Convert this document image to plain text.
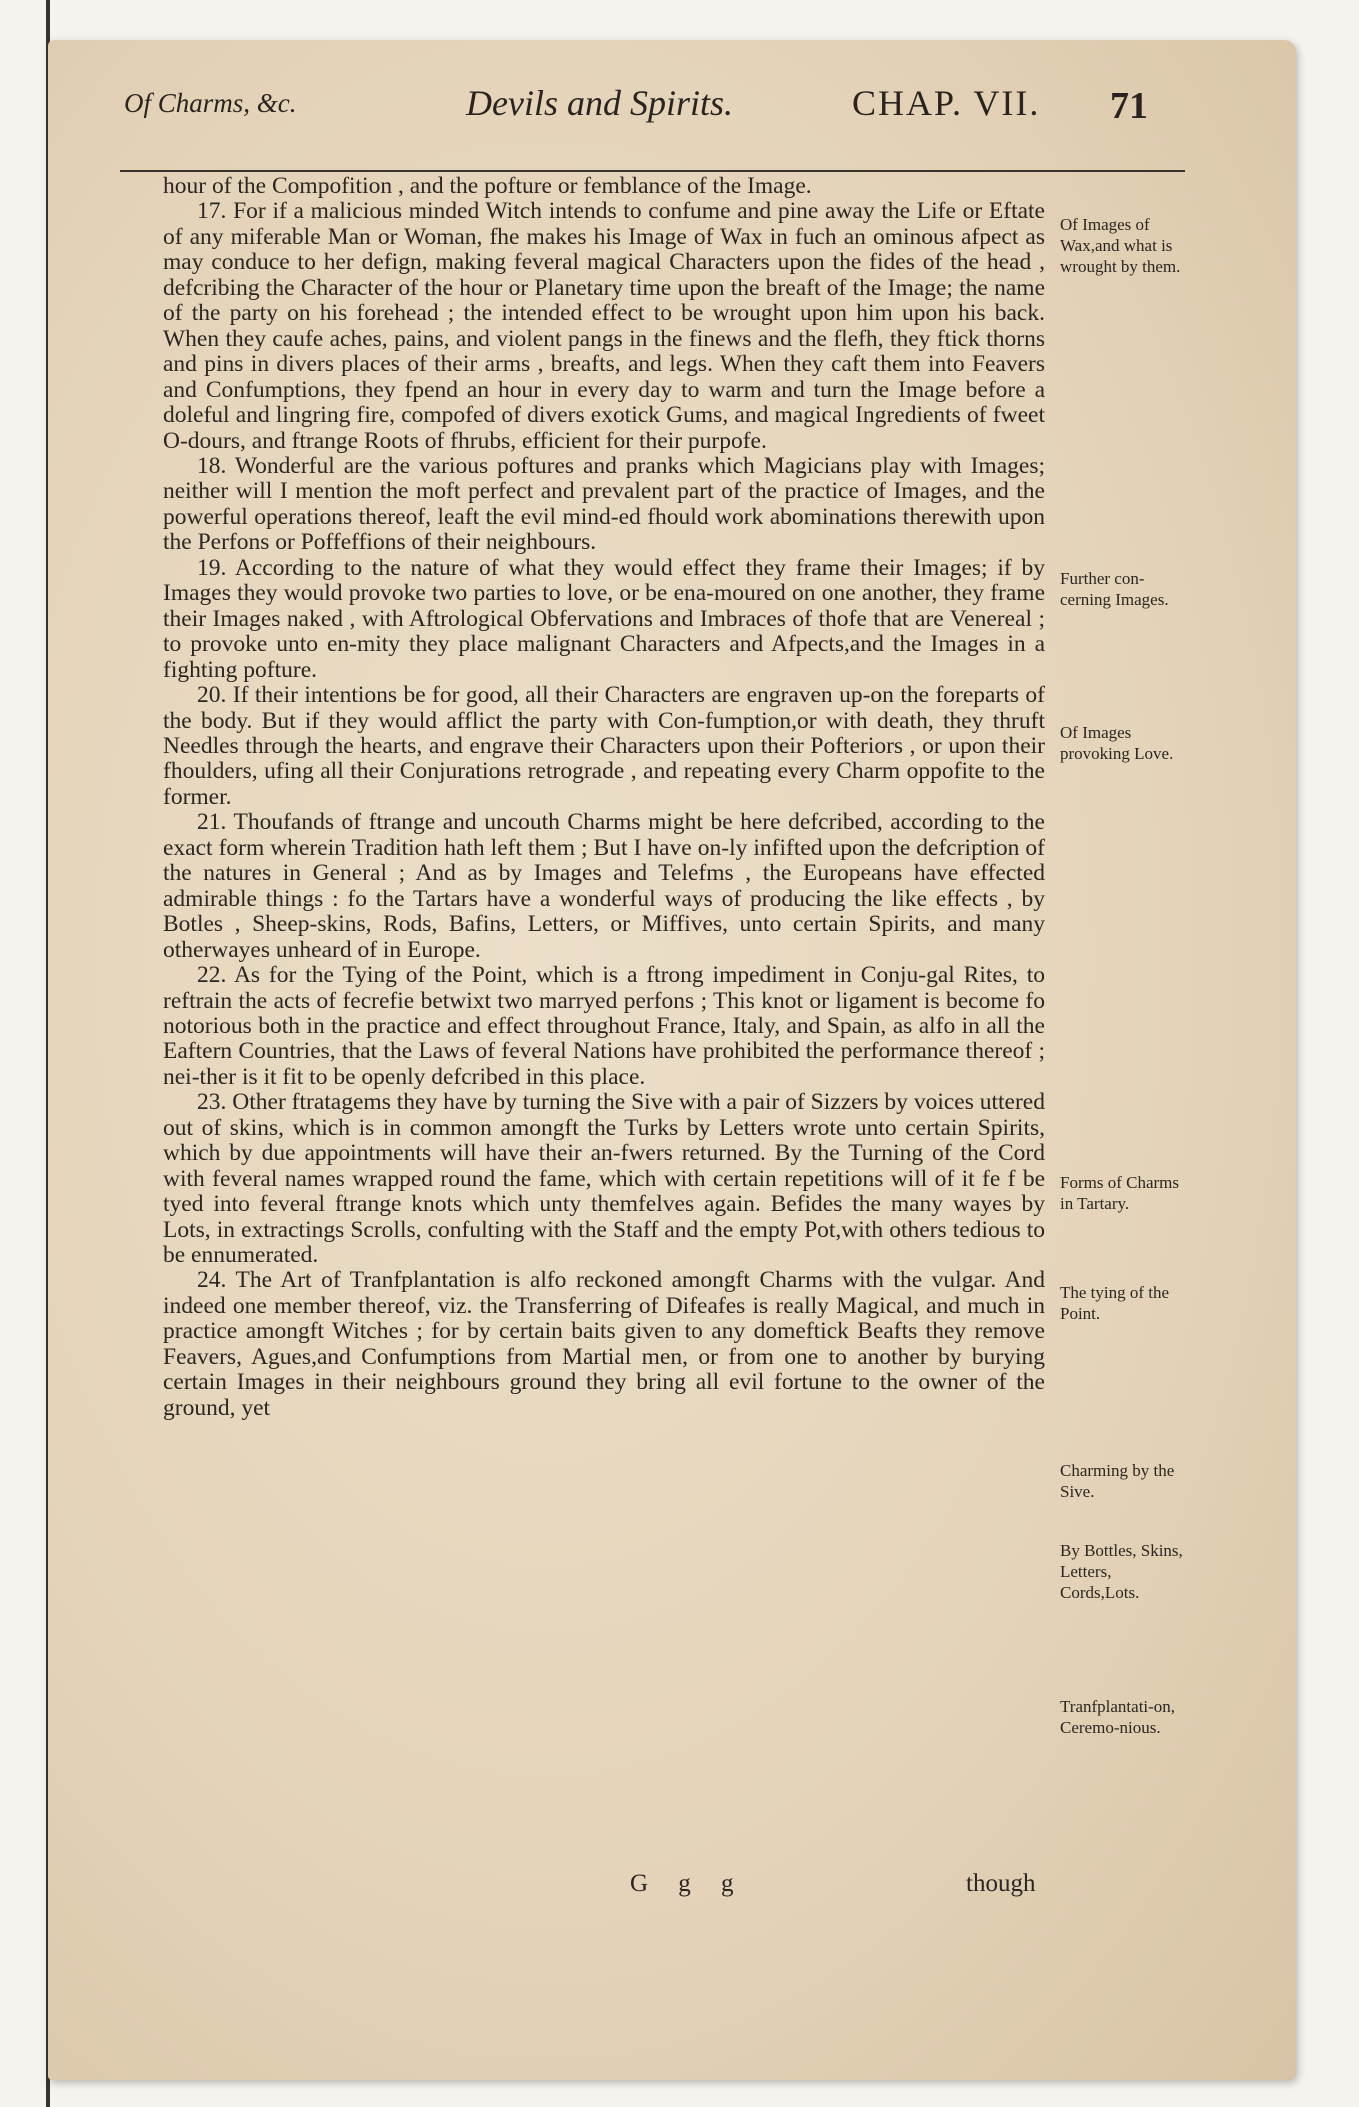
Of Charms, &c.	Devils and Spirits.	CHAP. VII. 71

hour of the Compofition , and the pofture or femblance of the Image.

17. For if a malicious minded Witch intends to confume and pine away the Life or Eftate of any miferable Man or Woman, fhe makes his Image of Wax in fuch an ominous afpect as may conduce to her defign, making feveral magical Characters upon the fides of the head , defcribing the Character of the hour or Planetary time upon the breaft of the Image; the name of the party on his forehead ; the intended effect to be wrought upon him upon his back. When they caufe aches, pains, and violent pangs in the finews and the flefh, they ftick thorns and pins in divers places of their arms , breafts, and legs. When they caft them into Feavers and Confumptions, they fpend an hour in every day to warm and turn the Image before a doleful and lingring fire, compofed of divers exotick Gums, and magical Ingredients of fweet O-dours, and ftrange Roots of fhrubs, efficient for their purpofe.

18. Wonderful are the various poftures and pranks which Magicians play with Images; neither will I mention the moft perfect and prevalent part of the practice of Images, and the powerful operations thereof, leaft the evil mind-ed fhould work abominations therewith upon the Perfons or Poffeffions of their neighbours.

19. According to the nature of what they would effect they frame their Images; if by Images they would provoke two parties to love, or be ena-moured on one another, they frame their Images naked , with Aftrological Obfervations and Imbraces of thofe that are Venereal ; to provoke unto en-mity they place malignant Characters and Afpects,and the Images in a fighting pofture.

20. If their intentions be for good, all their Characters are engraven up-on the foreparts of the body. But if they would afflict the party with Con-fumption,or with death, they thruft Needles through the hearts, and engrave their Characters upon their Pofteriors , or upon their fhoulders, ufing all their Conjurations retrograde , and repeating every Charm oppofite to the former.

21. Thoufands of ftrange and uncouth Charms might be here defcribed, according to the exact form wherein Tradition hath left them ; But I have on-ly infifted upon the defcription of the natures in General ; And as by Images and Telefms , the Europeans have effected admirable things : fo the Tartars have a wonderful ways of producing the like effects , by Botles , Sheep-skins, Rods, Bafins, Letters, or Miffives, unto certain Spirits, and many otherwayes unheard of in Europe.

22. As for the Tying of the Point, which is a ftrong impediment in Conju-gal Rites, to reftrain the acts of fecrefie betwixt two marryed perfons ; This knot or ligament is become fo notorious both in the practice and effect throughout France, Italy, and Spain, as alfo in all the Eaftern Countries, that the Laws of feveral Nations have prohibited the performance thereof ; nei-ther is it fit to be openly defcribed in this place.

23. Other ftratagems they have by turning the Sive with a pair of Sizzers by voices uttered out of skins, which is in common amongft the Turks by Letters wrote unto certain Spirits, which by due appointments will have their an-fwers returned. By the Turning of the Cord with feveral names wrapped round the fame, which with certain repetitions will of it fe f be tyed into feveral ftrange knots which unty themfelves again. Befides the many wayes by Lots, in extractings Scrolls, confulting with the Staff and the empty Pot,with others tedious to be ennumerated.

24. The Art of Tranfplantation is alfo reckoned amongft Charms with the vulgar. And indeed one member thereof, viz. the Transferring of Difeafes is really Magical, and much in practice amongft Witches ; for by certain baits given to any domeftick Beafts they remove Feavers, Agues,and Confumptions from Martial men, or from one to another by burying certain Images in their neighbours ground they bring all evil fortune to the owner of the ground, yet

Of Images of Wax,and what is wrought by them.
Further con-cerning Images.
Of Images provoking Love.
Forms of Charms in Tartary.
The tying of the Point.
Charming by the Sive.
By Bottles, Skins, Letters, Cords,Lots.
Tranfplantati-on, Ceremo-nious.
G g g	though
